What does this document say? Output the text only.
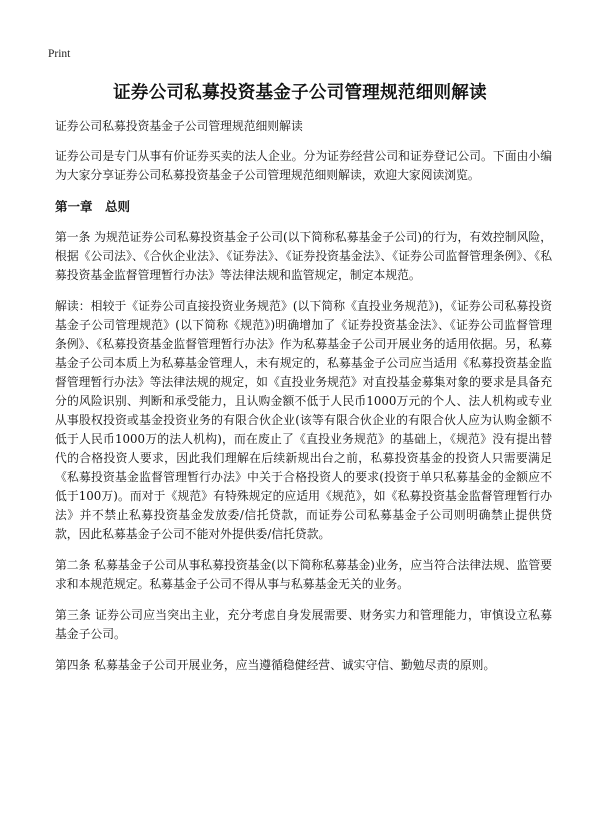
Print
证券公司私募投资基金子公司管理规范细则解读

证券公司私募投资基金子公司管理规范细则解读

证券公司是专门从事有价证券买卖的法人企业。分为证券经营公司和证券登记公司。下面由小编为大家分享证券公司私募投资基金子公司管理规范细则解读，欢迎大家阅读浏览。

第一章　总则

第一条 为规范证券公司私募投资基金子公司(以下简称私募基金子公司)的行为，有效控制风险，根据《公司法》、《合伙企业法》、《证券法》、《证券投资基金法》、《证券公司监督管理条例》、《私募投资基金监督管理暂行办法》等法律法规和监管规定，制定本规范。

解读：相较于《证券公司直接投资业务规范》(以下简称《直投业务规范》)，《证券公司私募投资基金子公司管理规范》(以下简称《规范》)明确增加了《证券投资基金法》、《证券公司监督管理条例》、《私募投资基金监督管理暂行办法》作为私募基金子公司开展业务的适用依据。另，私募基金子公司本质上为私募基金管理人，未有规定的，私募基金子公司应当适用《私募投资基金监督管理暂行办法》等法律法规的规定，如《直投业务规范》对直投基金募集对象的要求是具备充分的风险识别、判断和承受能力，且认购金额不低于人民币1000万元的个人、法人机构或专业从事股权投资或基金投资业务的有限合伙企业(该等有限合伙企业的有限合伙人应为认购金额不低于人民币1000万的法人机构)，而在废止了《直投业务规范》的基础上，《规范》没有提出替代的合格投资人要求，因此我们理解在后续新规出台之前，私募投资基金的投资人只需要满足《私募投资基金监督管理暂行办法》中关于合格投资人的要求(投资于单只私募基金的金额应不低于100万)。而对于《规范》有特殊规定的应适用《规范》，如《私募投资基金监督管理暂行办法》并不禁止私募投资基金发放委/信托贷款，而证券公司私募基金子公司则明确禁止提供贷款，因此私募基金子公司不能对外提供委/信托贷款。

第二条 私募基金子公司从事私募投资基金(以下简称私募基金)业务，应当符合法律法规、监管要求和本规范规定。私募基金子公司不得从事与私募基金无关的业务。

第三条 证券公司应当突出主业，充分考虑自身发展需要、财务实力和管理能力，审慎设立私募基金子公司。

第四条 私募基金子公司开展业务，应当遵循稳健经营、诚实守信、勤勉尽责的原则。
